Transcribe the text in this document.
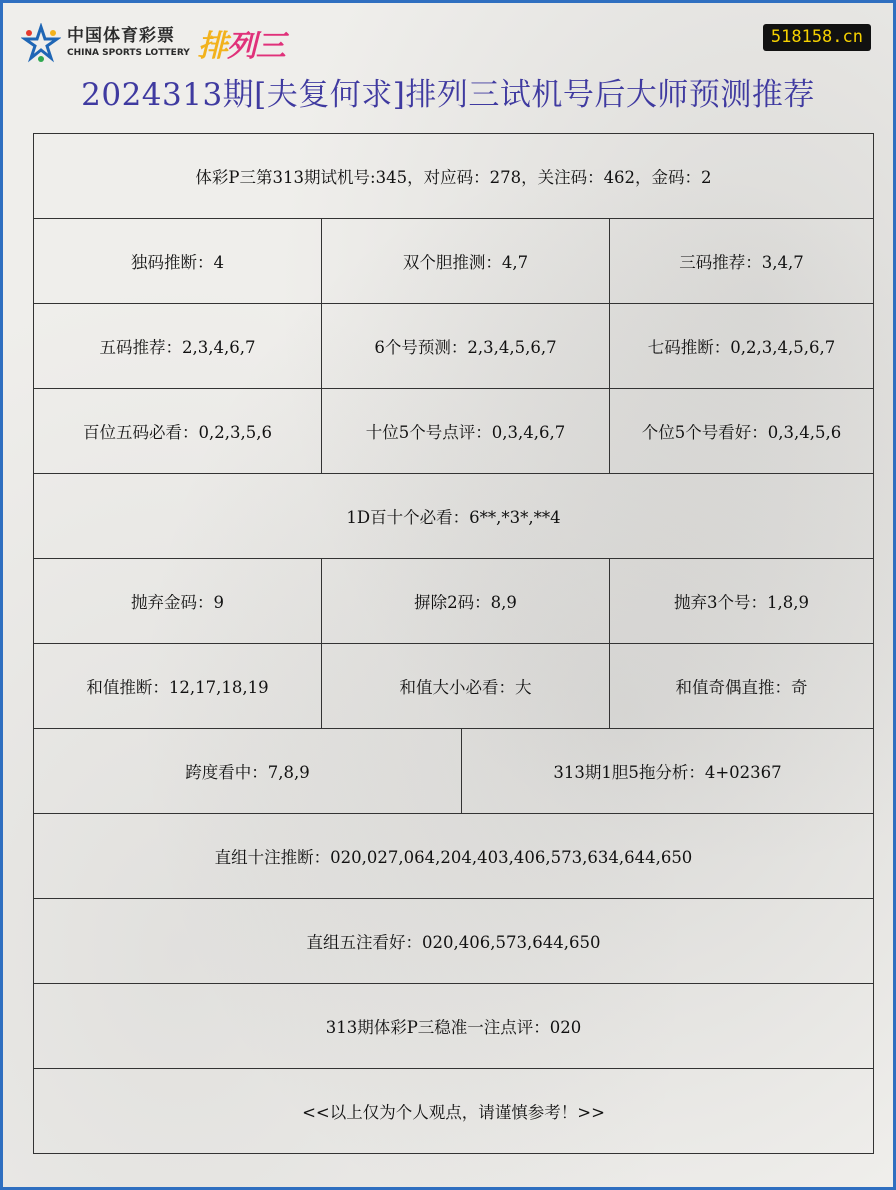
中国体育彩票
CHINA SPORTS LOTTERY 排列三	518158.cn
2024313期[夫复何求]排列三试机号后大师预测推荐
体彩P三第313期试机号:345，对应码：278，关注码：462，金码：2
独码推断：4	双个胆推测：4,7	三码推荐：3,4,7
五码推荐：2,3,4,6,7	6个号预测：2,3,4,5,6,7	七码推断：0,2,3,4,5,6,7
百位五码必看：0,2,3,5,6	十位5个号点评：0,3,4,6,7	个位5个号看好：0,3,4,5,6
1D百十个必看：6**,*3*,**4
抛弃金码：9	摒除2码：8,9	抛弃3个号：1,8,9
和值推断：12,17,18,19	和值大小必看：大	和值奇偶直推：奇
跨度看中：7,8,9	313期1胆5拖分析：4+02367
直组十注推断：020,027,064,204,403,406,573,634,644,650
直组五注看好：020,406,573,644,650
313期体彩P三稳准一注点评：020
<<以上仅为个人观点，请谨慎参考！>>
